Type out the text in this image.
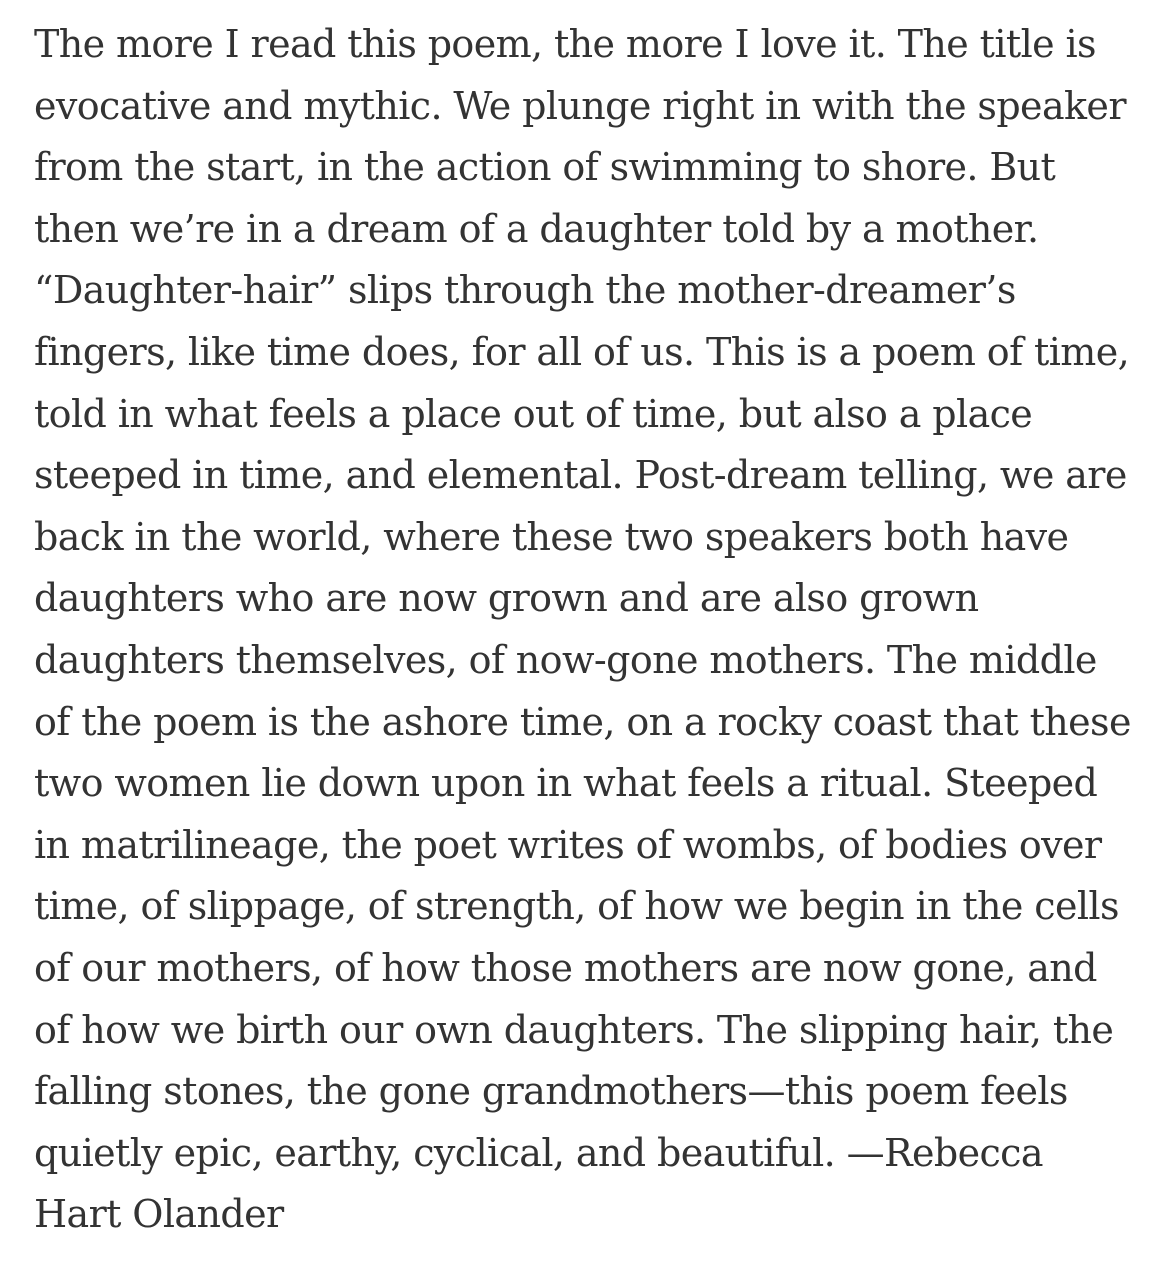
The more I read this poem, the more I love it. The title is
evocative and mythic. We plunge right in with the speaker
from the start, in the action of swimming to shore. But
then we’re in a dream of a daughter told by a mother.
“Daughter-hair” slips through the mother-dreamer’s
fingers, like time does, for all of us. This is a poem of time,
told in what feels a place out of time, but also a place
steeped in time, and elemental. Post-dream telling, we are
back in the world, where these two speakers both have
daughters who are now grown and are also grown
daughters themselves, of now-gone mothers. The middle
of the poem is the ashore time, on a rocky coast that these
two women lie down upon in what feels a ritual. Steeped
in matrilineage, the poet writes of wombs, of bodies over
time, of slippage, of strength, of how we begin in the cells
of our mothers, of how those mothers are now gone, and
of how we birth our own daughters. The slipping hair, the
falling stones, the gone grandmothers—this poem feels
quietly epic, earthy, cyclical, and beautiful. —Rebecca
Hart Olander
